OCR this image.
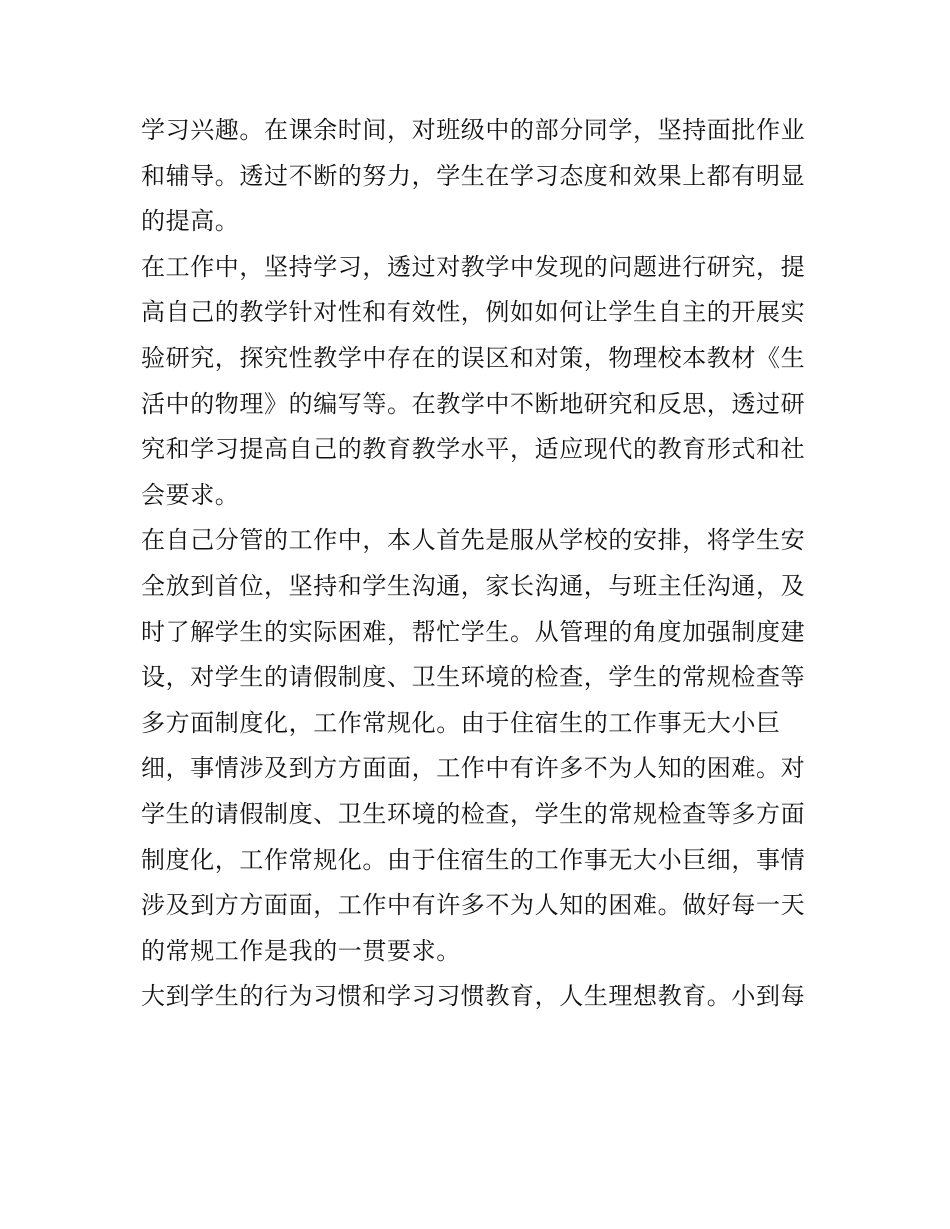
学习兴趣。在课余时间，对班级中的部分同学，坚持面批作业
和辅导。透过不断的努力，学生在学习态度和效果上都有明显
的提高。
在工作中，坚持学习，透过对教学中发现的问题进行研究，提
高自己的教学针对性和有效性，例如如何让学生自主的开展实
验研究，探究性教学中存在的误区和对策，物理校本教材《生
活中的物理》的编写等。在教学中不断地研究和反思，透过研
究和学习提高自己的教育教学水平，适应现代的教育形式和社
会要求。
在自己分管的工作中，本人首先是服从学校的安排，将学生安
全放到首位，坚持和学生沟通，家长沟通，与班主任沟通，及
时了解学生的实际困难，帮忙学生。从管理的角度加强制度建
设，对学生的请假制度、卫生环境的检查，学生的常规检查等
多方面制度化，工作常规化。由于住宿生的工作事无大小巨
细，事情涉及到方方面面，工作中有许多不为人知的困难。对
学生的请假制度、卫生环境的检查，学生的常规检查等多方面
制度化，工作常规化。由于住宿生的工作事无大小巨细，事情
涉及到方方面面，工作中有许多不为人知的困难。做好每一天
的常规工作是我的一贯要求。
大到学生的行为习惯和学习习惯教育，人生理想教育。小到每
